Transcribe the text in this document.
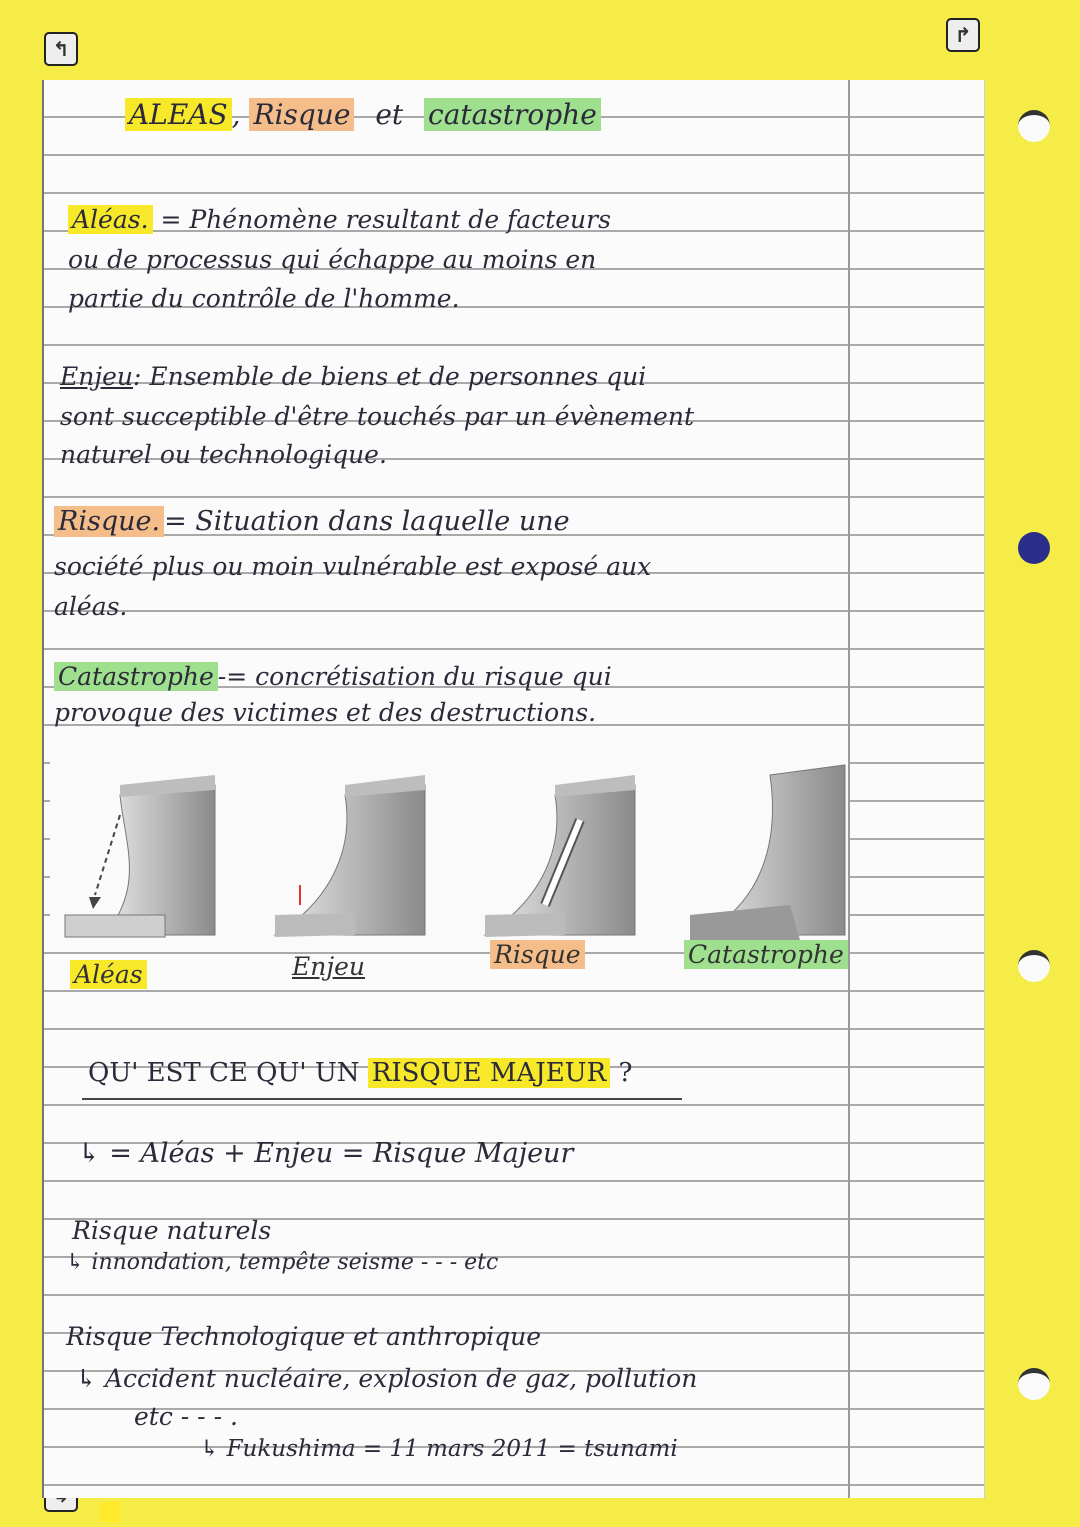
↰
↱
ALEAS , Risque et catastrophe
Aléas. = Phénomène resultant de facteurs
ou de processus qui échappe au moins en
partie du contrôle de l'homme.
Enjeu: Ensemble de biens et de personnes qui
sont succeptible d'être touchés par un évènement
naturel ou technologique.
Risque. = Situation dans laquelle une
société plus ou moin vulnérable est exposé aux
aléas.
Catastrophe -= concrétisation du risque qui
provoque des victimes et des destructions.
Aléas	Enjeu	Risque	Catastrophe
QU' EST CE QU' UN RISQUE MAJEUR ?
↳ = Aléas + Enjeu = Risque Majeur
Risque naturels
↳ innondation, tempête seisme - - - etc
Risque Technologique et anthropique
↳ Accident nucléaire, explosion de gaz, pollution
etc - - - .
↳ Fukushima = 11 mars 2011 = tsunami
